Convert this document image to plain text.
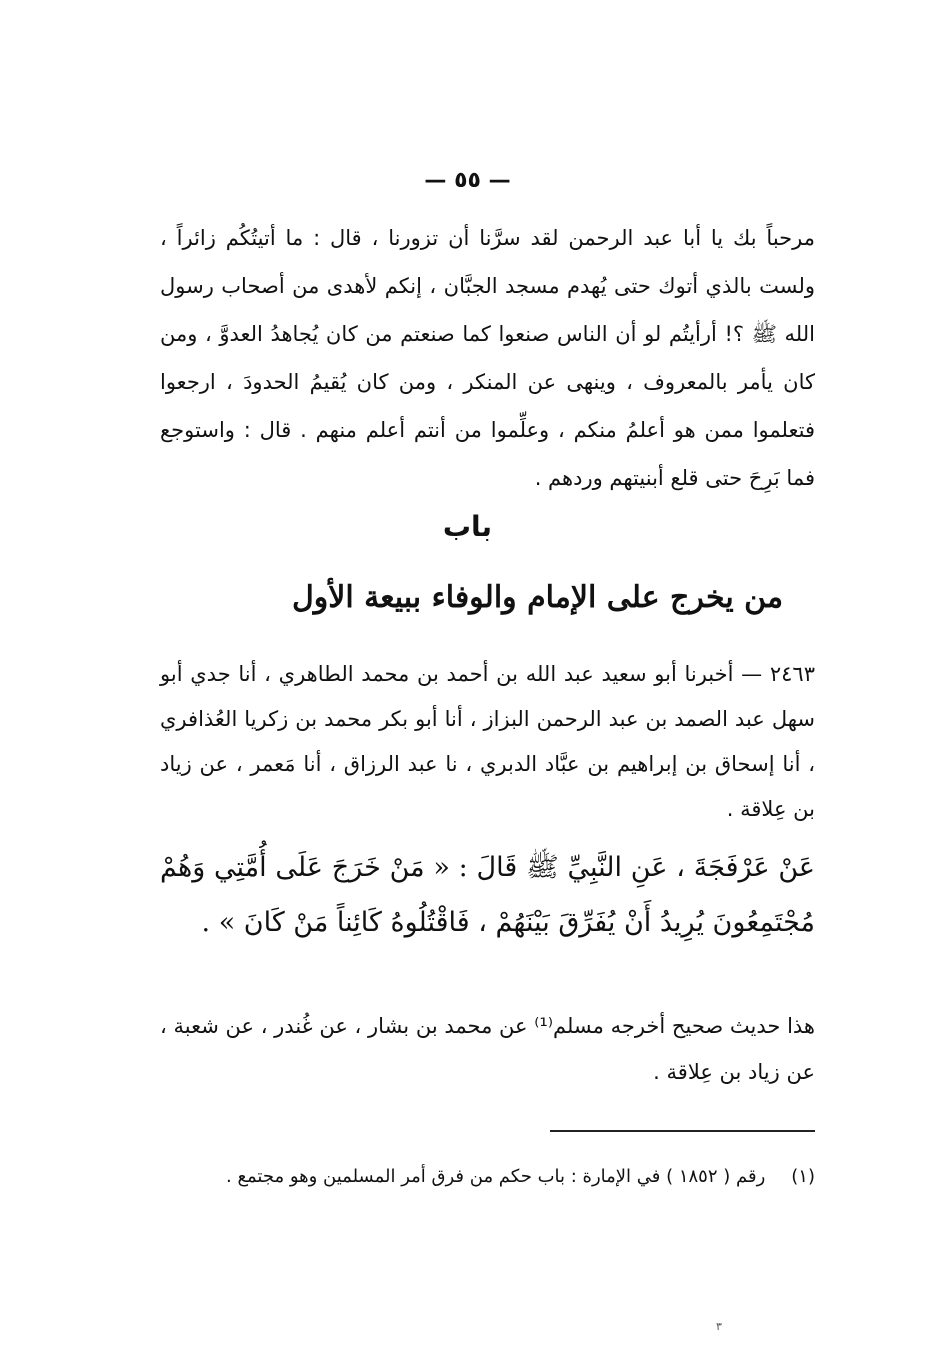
— ٥٥ —

مرحباً بك يا أبا عبد الرحمن لقد سرَّنا أن تزورنا ، قال : ما أتيتُكُم زائراً ، ولست بالذي أتوك حتى يُهدم مسجد الجبَّان ، إنكم لأهدى من أصحاب رسول الله ﷺ ؟! أرأيتُم لو أن الناس صنعوا كما صنعتم من كان يُجاهدُ العدوَّ ، ومن كان يأمر بالمعروف ، وينهى عن المنكر ، ومن كان يُقيمُ الحدودَ ، ارجعوا فتعلموا ممن هو أعلمُ منكم ، وعلِّموا من أنتم أعلم منهم . قال : واستوجع فما بَرِحَ حتى قلع أبنيتهم وردهم .

باب
من يخرج على الإمام والوفاء ببيعة الأول

٢٤٦٣ — أخبرنا أبو سعيد عبد الله بن أحمد بن محمد الطاهري ، أنا جدي أبو سهل عبد الصمد بن عبد الرحمن البزاز ، أنا أبو بكر محمد بن زكريا العُذافري ، أنا إسحاق بن إبراهيم بن عبَّاد الدبري ، نا عبد الرزاق ، أنا مَعمر ، عن زياد بن عِلاقة .

عَنْ عَرْفَجَةَ ، عَنِ النَّبِيِّ ﷺ قَالَ : « مَنْ خَرَجَ عَلَى أُمَّتِي وَهُمْ مُجْتَمِعُونَ يُرِيدُ أَنْ يُفَرِّقَ بَيْنَهُمْ ، فَاقْتُلُوهُ كَائِناً مَنْ كَانَ » .

هذا حديث صحيح أخرجه مسلم⁽¹⁾ عن محمد بن بشار ، عن غُندر ، عن شعبة ، عن زياد بن عِلاقة .

(١)رقم ( ١٨٥٢ ) في الإمارة : باب حكم من فرق أمر المسلمين وهو مجتمع .

٣
